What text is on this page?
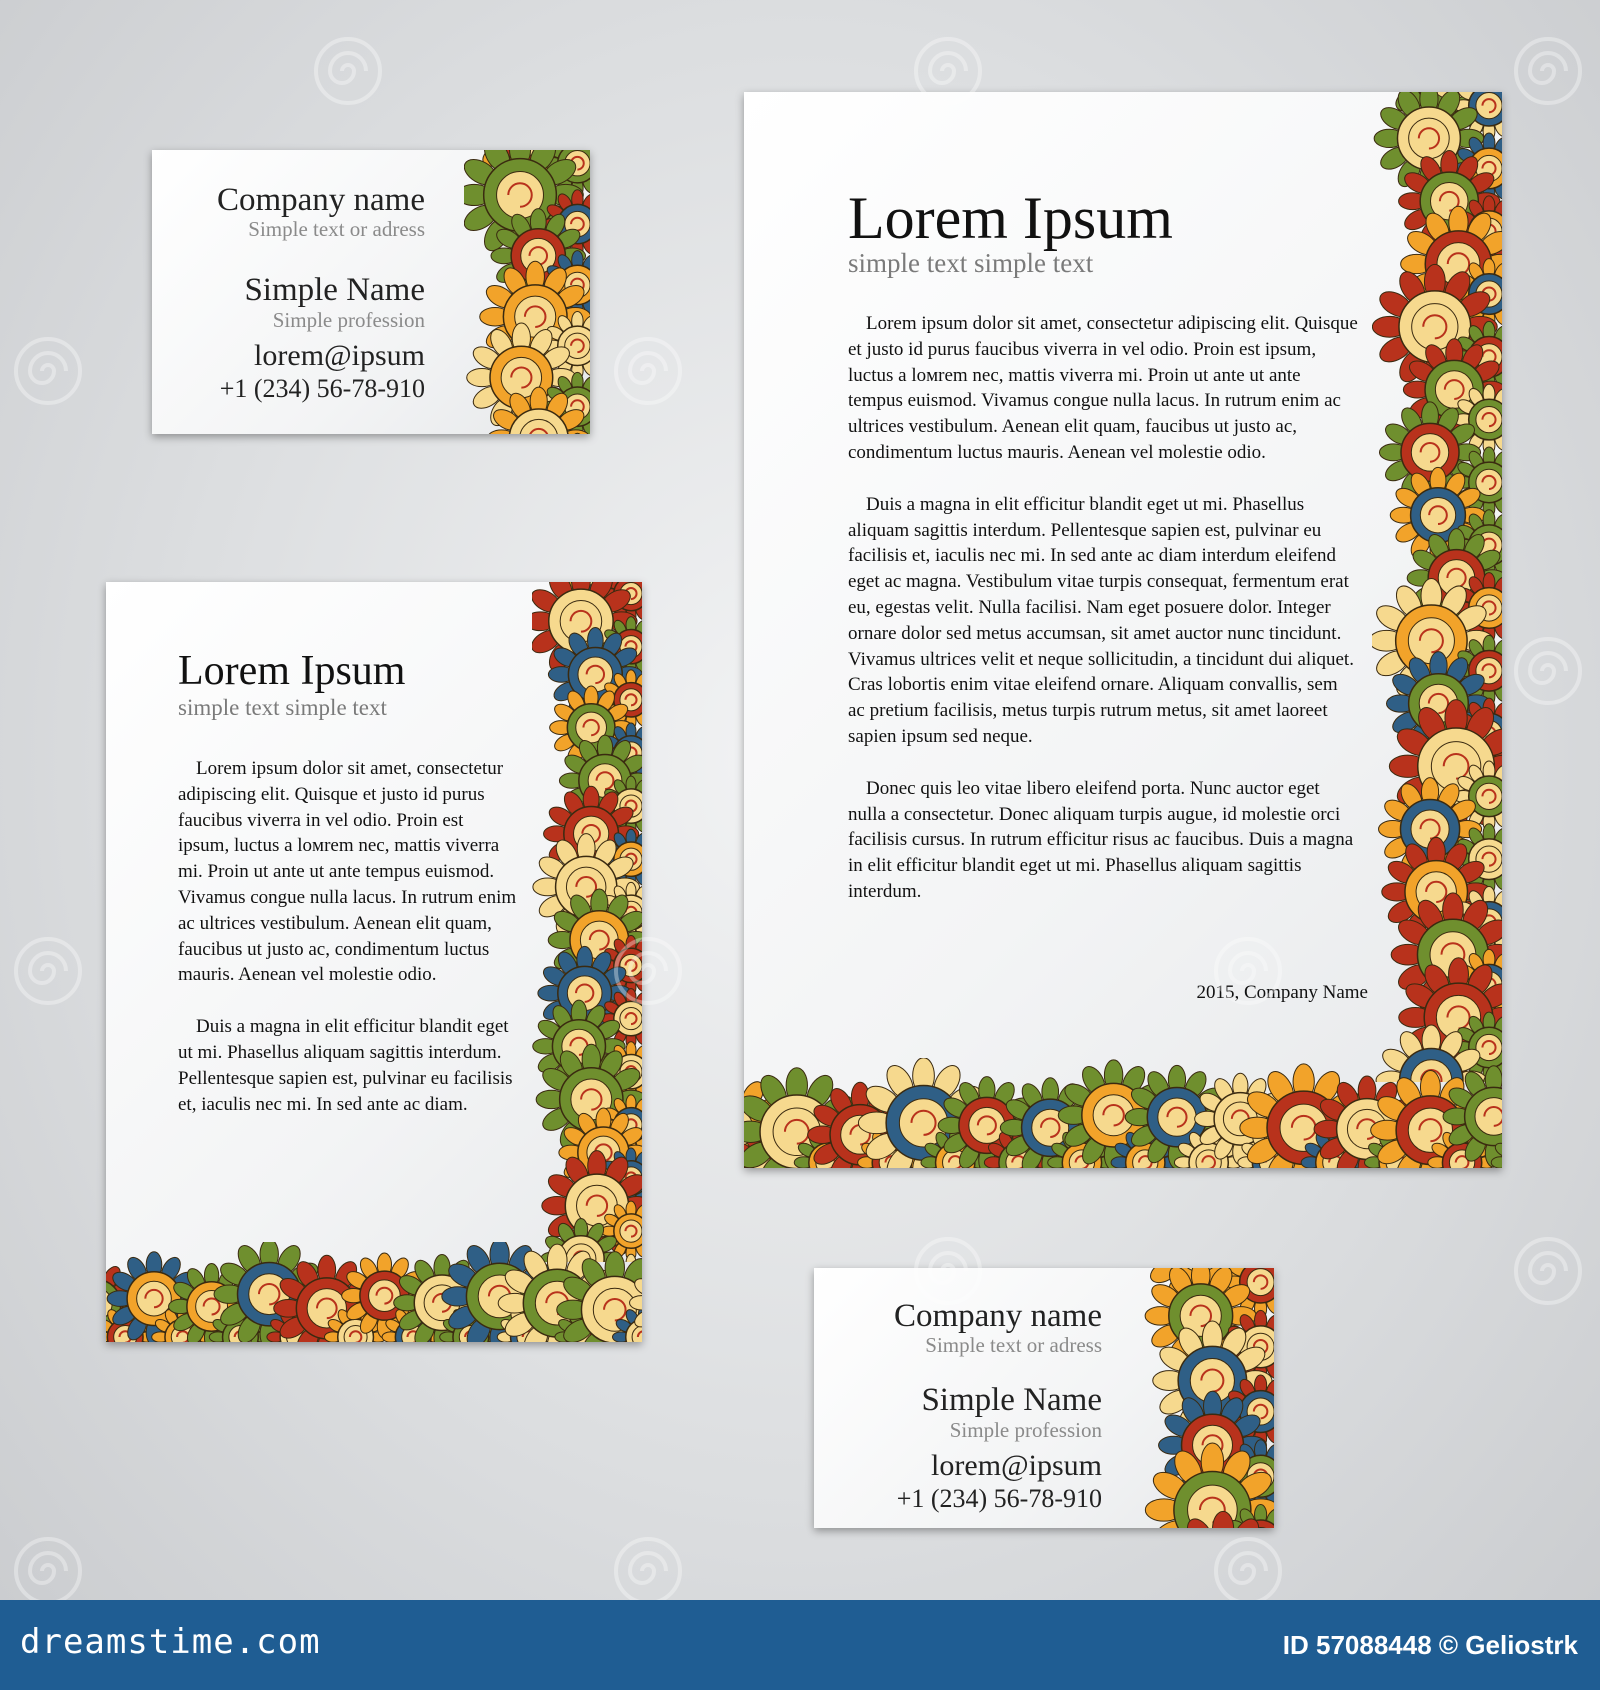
Company name
Simple text or adress
Simple Name
Simple profession
lorem@ipsum
+1 (234) 56-78-910
Lorem Ipsum
simple text simple text

Lorem ipsum dolor sit amet, consectetur adipiscing elit. Quisque et justo id purus faucibus viverra in vel odio. Proin est ipsum, luctus a loмrem nec, mattis viverra mi. Proin ut ante ut ante tempus euismod. Vivamus congue nulla lacus. In rutrum enim ac ultrices vestibulum. Aenean elit quam, faucibus ut justo ac, condimentum luctus mauris. Aenean vel molestie odio.

Duis a magna in elit efficitur blandit eget ut mi. Phasellus aliquam sagittis interdum. Pellentesque sapien est, pulvinar eu facilisis et, iaculis nec mi. In sed ante ac diam.

Lorem Ipsum
simple text simple text

Lorem ipsum dolor sit amet, consectetur adipiscing elit. Quisque et justo id purus faucibus viverra in vel odio. Proin est ipsum, luctus a loмrem nec, mattis viverra mi. Proin ut ante ut ante tempus euismod. Vivamus congue nulla lacus. In rutrum enim ac ultrices vestibulum. Aenean elit quam, faucibus ut justo ac, condimentum luctus mauris. Aenean vel molestie odio.

Duis a magna in elit efficitur blandit eget ut mi. Phasellus aliquam sagittis interdum. Pellentesque sapien est, pulvinar eu facilisis et, iaculis nec mi. In sed ante ac diam interdum eleifend eget ac magna. Vestibulum vitae turpis consequat, fermentum erat eu, egestas velit. Nulla facilisi. Nam eget posuere dolor. Integer ornare dolor sed metus accumsan, sit amet auctor nunc tincidunt. Vivamus ultrices velit et neque sollicitudin, a tincidunt dui aliquet. Cras lobortis enim vitae eleifend ornare. Aliquam convallis, sem ac pretium facilisis, metus turpis rutrum metus, sit amet laoreet sapien ipsum sed neque.

Donec quis leo vitae libero eleifend porta. Nunc auctor eget nulla a consectetur. Donec aliquam turpis augue, id molestie orci facilisis cursus. In rutrum efficitur risus ac faucibus. Duis a magna in elit efficitur blandit eget ut mi. Phasellus aliquam sagittis interdum.

2015, Company Name
Company name
Simple text or adress
Simple Name
Simple profession
lorem@ipsum
+1 (234) 56-78-910
dreamstime.com	ID 57088448 © Geliostrk
